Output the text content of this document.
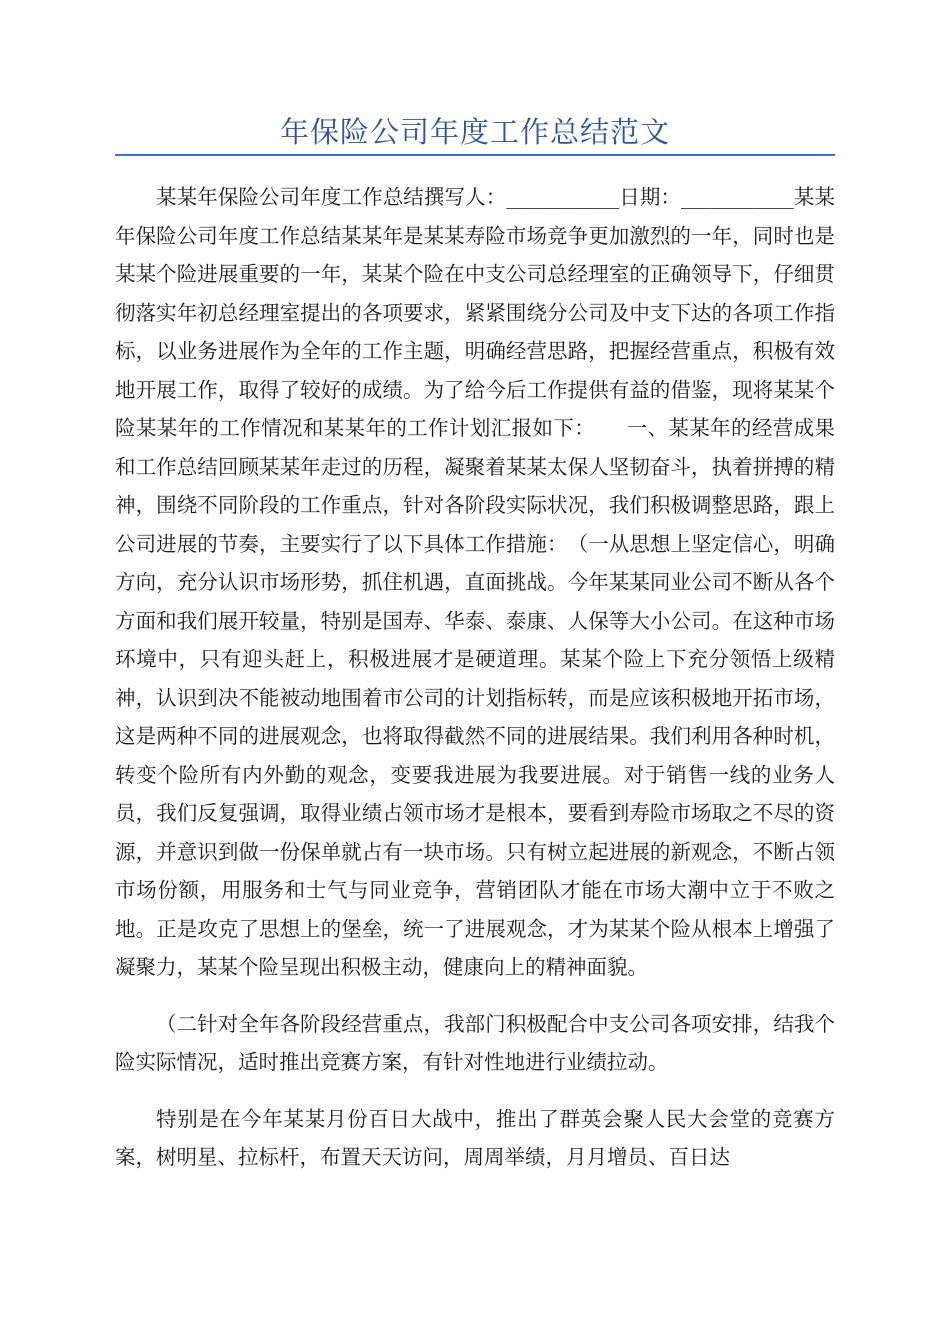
年保险公司年度工作总结范文

某某年保险公司年度工作总结撰写人：___________日期：___________某某年保险公司年度工作总结某某年是某某寿险市场竞争更加激烈的一年，同时也是某某个险进展重要的一年，某某个险在中支公司总经理室的正确领导下，仔细贯彻落实年初总经理室提出的各项要求，紧紧围绕分公司及中支下达的各项工作指标，以业务进展作为全年的工作主题，明确经营思路，把握经营重点，积极有效地开展工作，取得了较好的成绩。为了给今后工作提供有益的借鉴，现将某某个险某某年的工作情况和某某年的工作计划汇报如下：　　一、某某年的经营成果和工作总结回顾某某年走过的历程，凝聚着某某太保人坚韧奋斗，执着拼搏的精神，围绕不同阶段的工作重点，针对各阶段实际状况，我们积极调整思路，跟上公司进展的节奏，主要实行了以下具体工作措施：　（一从思想上坚定信心，明确方向，充分认识市场形势，抓住机遇，直面挑战。今年某某同业公司不断从各个方面和我们展开较量，特别是国寿、华泰、泰康、人保等大小公司。在这种市场环境中，只有迎头赶上，积极进展才是硬道理。某某个险上下充分领悟上级精神，认识到决不能被动地围着市公司的计划指标转，而是应该积极地开拓市场，这是两种不同的进展观念，也将取得截然不同的进展结果。我们利用各种时机，转变个险所有内外勤的观念，变要我进展为我要进展。对于销售一线的业务人员，我们反复强调，取得业绩占领市场才是根本，要看到寿险市场取之不尽的资源，并意识到做一份保单就占有一块市场。只有树立起进展的新观念，不断占领市场份额，用服务和士气与同业竞争，营销团队才能在市场大潮中立于不败之地。正是攻克了思想上的堡垒，统一了进展观念，才为某某个险从根本上增强了凝聚力，某某个险呈现出积极主动，健康向上的精神面貌。

（二针对全年各阶段经营重点，我部门积极配合中支公司各项安排，结我个险实际情况，适时推出竞赛方案，有针对性地进行业绩拉动。

特别是在今年某某月份百日大战中，推出了群英会聚人民大会堂的竞赛方案，树明星、拉标杆，布置天天访问，周周举绩，月月增员、百日达
